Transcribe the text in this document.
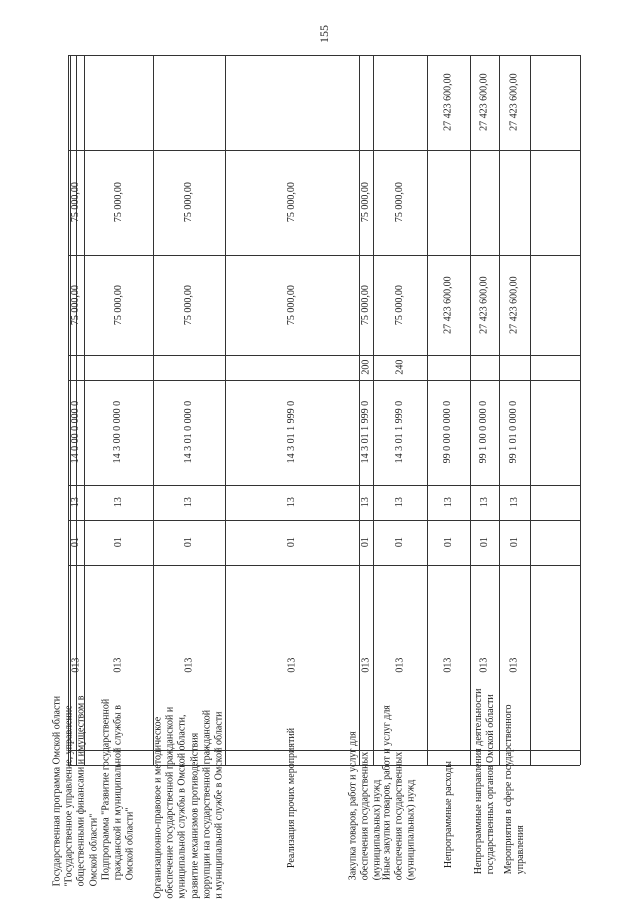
155
75 000,00
75 000,00
14 0 00 0 000 0
13
01
013
Государственная программа Омской области "Государственное управление, управление общественными финансами и имуществом в Омской области"
75 000,00
75 000,00
14 3 00 0 000 0
13
01
013
Подпрограмма "Развитие государственной гражданской и муниципальной службы в Омской области"
75 000,00
75 000,00
14 3 01 0 000 0
13
01
013
Организационно-правовое и методическое обеспечение государственной гражданской и муниципальной службы в Омской области, развитие механизмов противодействия коррупции на государственной гражданской и муниципальной службе в Омской области
75 000,00
75 000,00
14 3 01 1 999 0
13
01
013
Реализация прочих мероприятий
75 000,00
75 000,00
200
14 3 01 1 999 0
13
01
013
Закупка товаров, работ и услуг для обеспечения государственных (муниципальных) нужд
75 000,00
75 000,00
240
14 3 01 1 999 0
13
01
013
Иные закупки товаров, работ и услуг для обеспечения государственных (муниципальных) нужд
27 423 600,00
27 423 600,00
99 0 00 0 000 0
13
01
013
Непрограммные расходы
27 423 600,00
27 423 600,00
99 1 00 0 000 0
13
01
013
Непрограммные направления деятельности государственных органов Омской области
27 423 600,00
27 423 600,00
99 1 01 0 000 0
13
01
013
Мероприятия в сфере государственного управления
